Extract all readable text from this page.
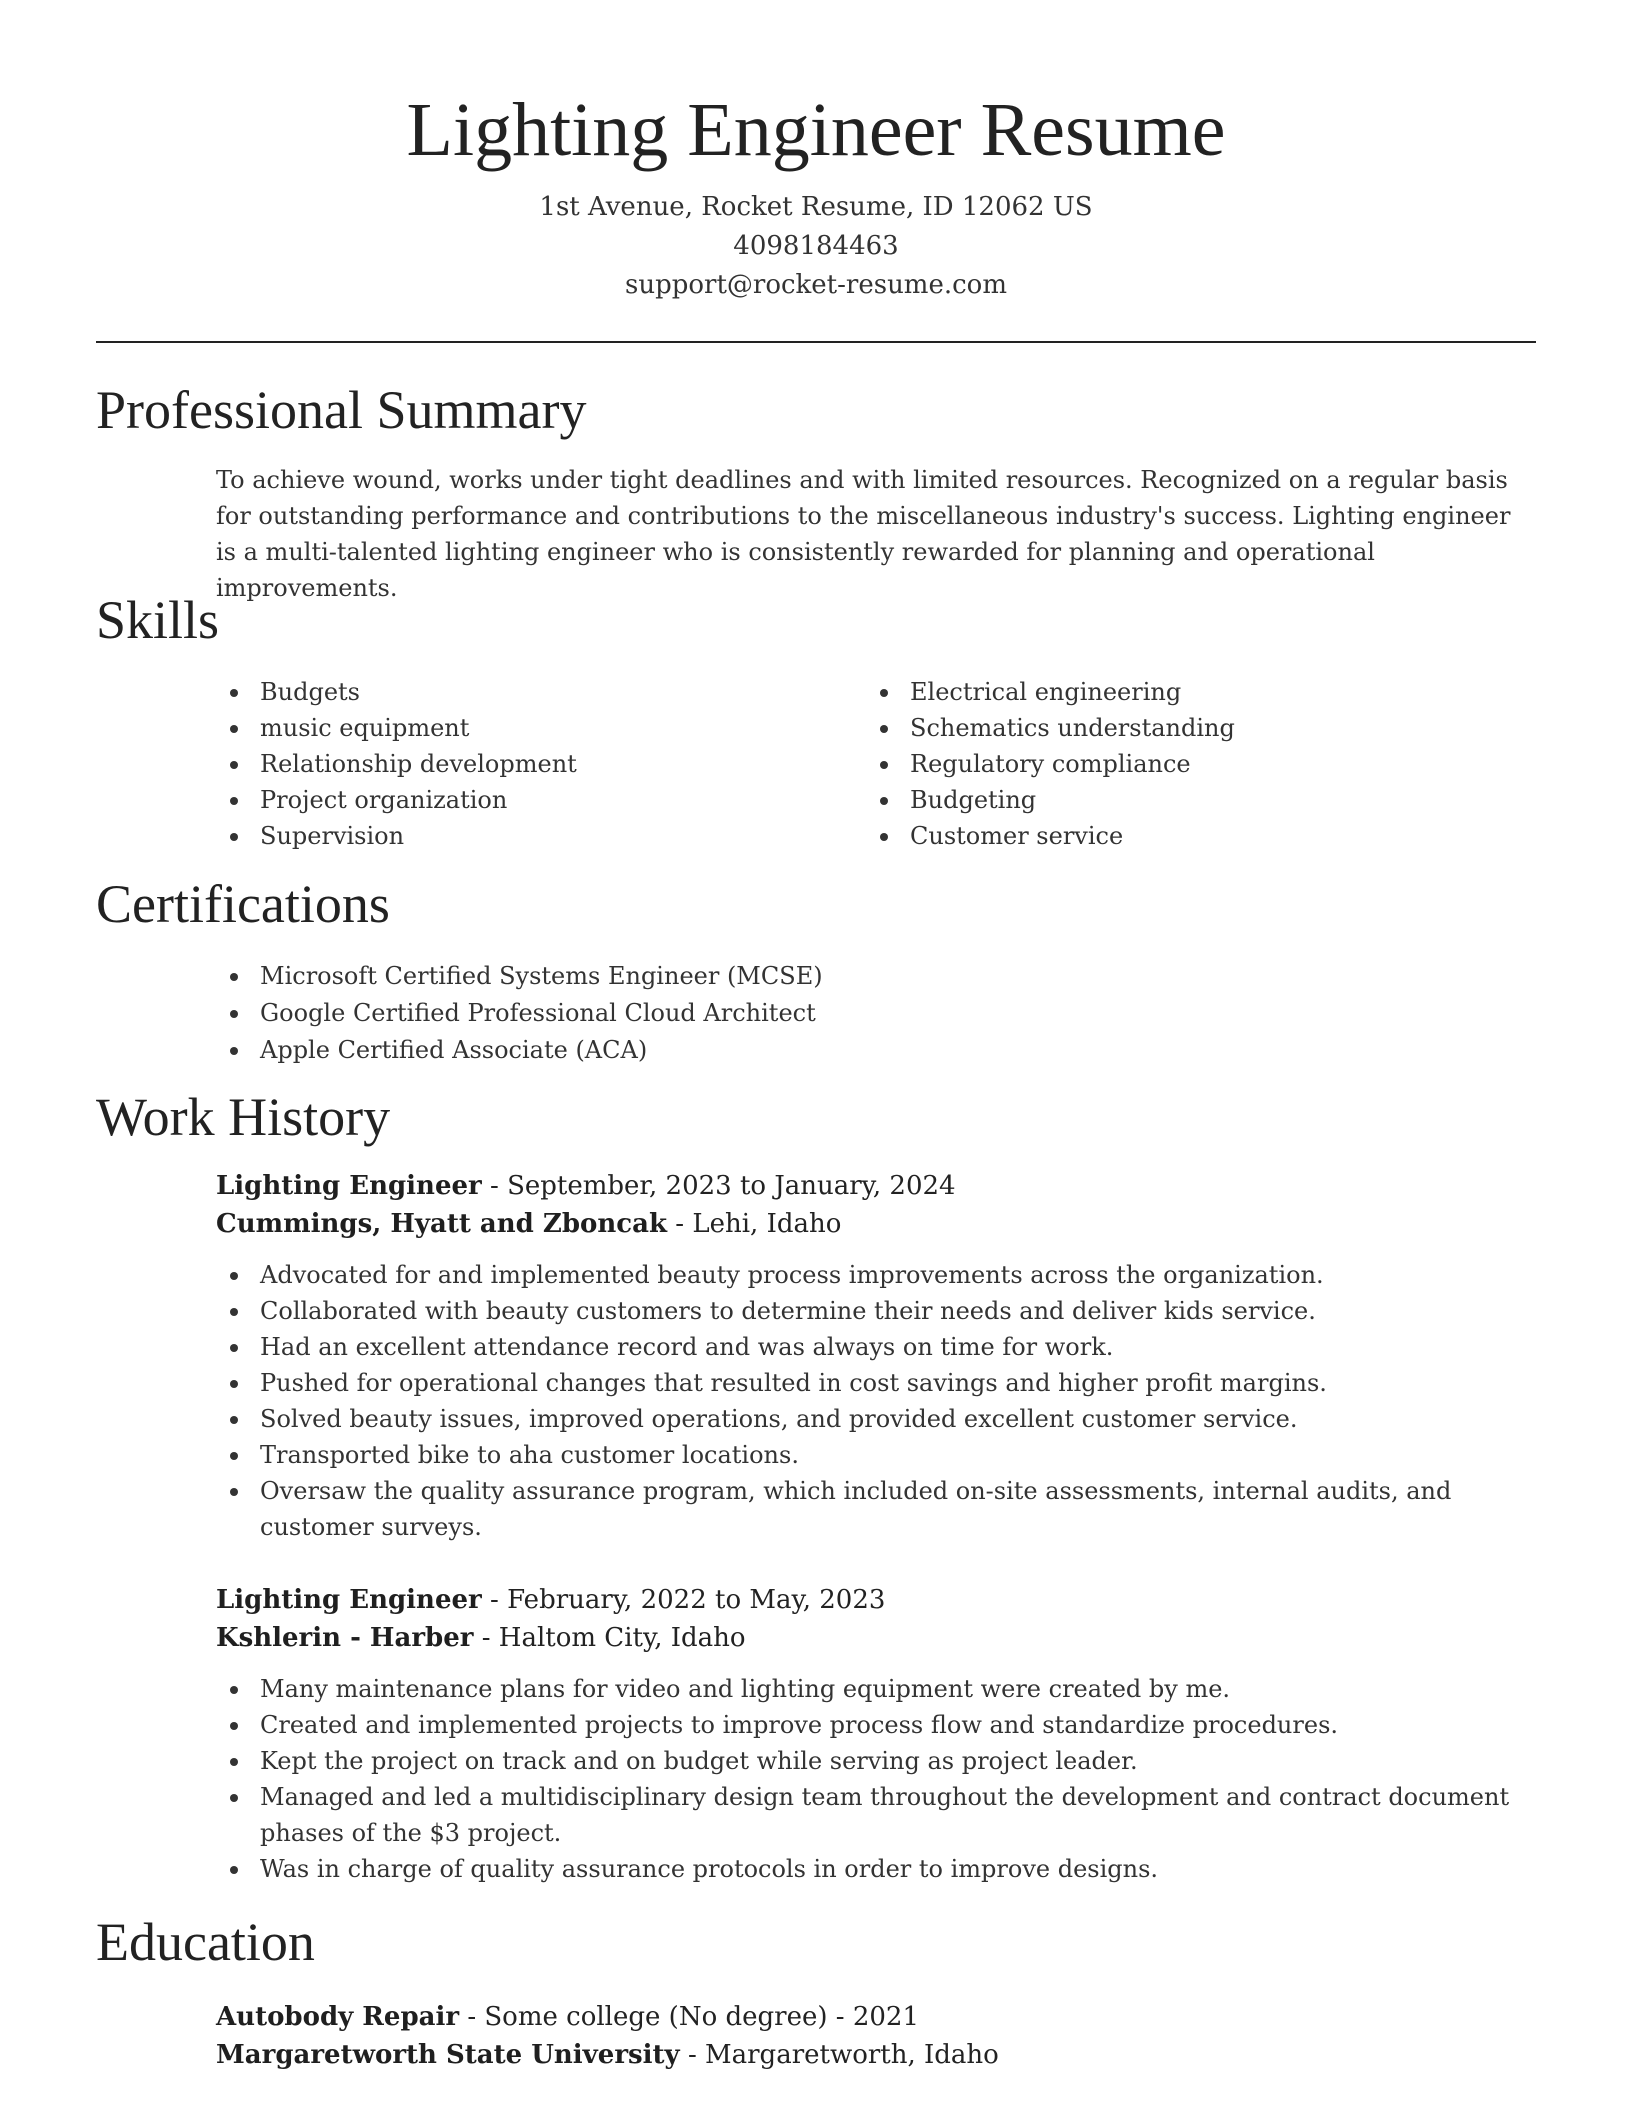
Lighting Engineer Resume
1st Avenue, Rocket Resume, ID 12062 US
4098184463
support@rocket-resume.com
Professional Summary

To achieve wound, works under tight deadlines and with limited resources. Recognized on a regular basis for outstanding performance and contributions to the miscellaneous industry's success. Lighting engineer is a multi-talented lighting engineer who is consistently rewarded for planning and operational improvements.

Skills
Budgets
music equipment
Relationship development
Project organization
Supervision
Electrical engineering
Schematics understanding
Regulatory compliance
Budgeting
Customer service
Certifications
Microsoft Certified Systems Engineer (MCSE)
Google Certified Professional Cloud Architect
Apple Certified Associate (ACA)
Work History
Lighting Engineer - September, 2023 to January, 2024
Cummings, Hyatt and Zboncak - Lehi, Idaho
Advocated for and implemented beauty process improvements across the organization.
Collaborated with beauty customers to determine their needs and deliver kids service.
Had an excellent attendance record and was always on time for work.
Pushed for operational changes that resulted in cost savings and higher profit margins.
Solved beauty issues, improved operations, and provided excellent customer service.
Transported bike to aha customer locations.
Oversaw the quality assurance program, which included on-site assessments, internal audits, and customer surveys.
Lighting Engineer - February, 2022 to May, 2023
Kshlerin - Harber - Haltom City, Idaho
Many maintenance plans for video and lighting equipment were created by me.
Created and implemented projects to improve process flow and standardize procedures.
Kept the project on track and on budget while serving as project leader.
Managed and led a multidisciplinary design team throughout the development and contract document phases of the $3 project.
Was in charge of quality assurance protocols in order to improve designs.
Education
Autobody Repair - Some college (No degree) - 2021
Margaretworth State University - Margaretworth, Idaho
